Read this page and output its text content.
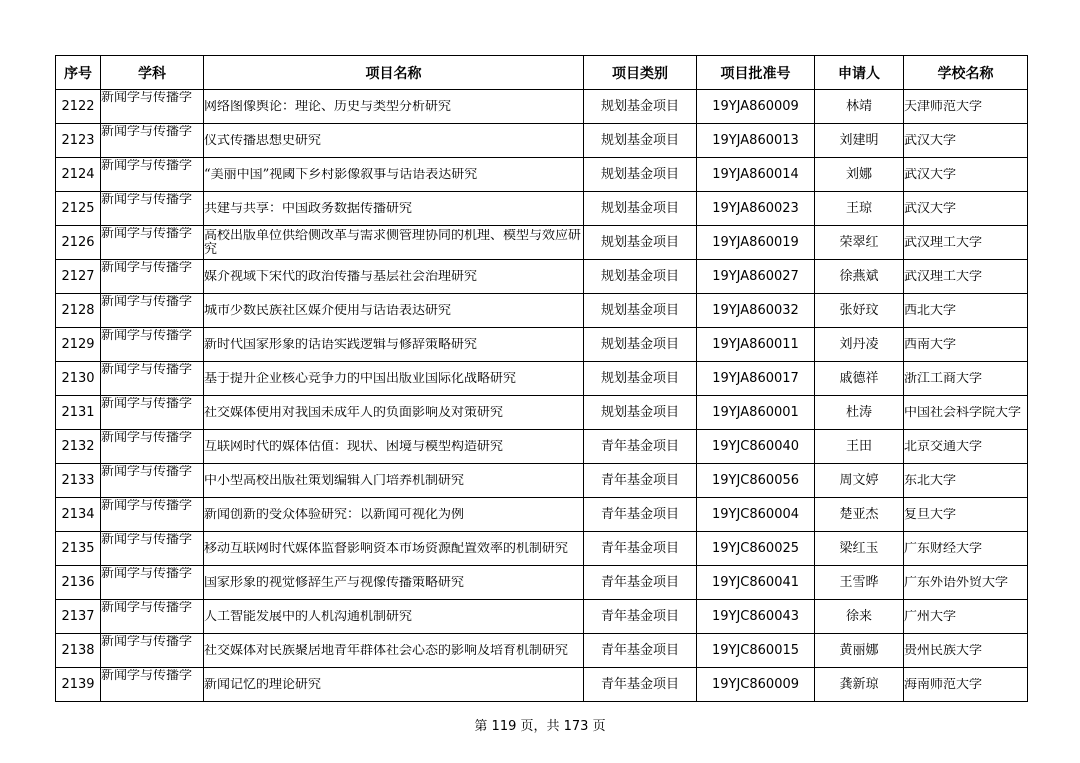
序号	学科	项目名称	项目类别	项目批准号	申请人	学校名称
2122	新闻学与传播学	网络图像舆论：理论、历史与类型分析研究	规划基金项目	19YJA860009	林靖	天津师范大学

2123	新闻学与传播学	仪式传播思想史研究	规划基金项目	19YJA860013	刘建明	武汉大学

2124	新闻学与传播学	“美丽中国”视阈下乡村影像叙事与话语表达研究	规划基金项目	19YJA860014	刘娜	武汉大学

2125	新闻学与传播学	共建与共享：中国政务数据传播研究	规划基金项目	19YJA860023	王琼	武汉大学

2126	新闻学与传播学	高校出版单位供给侧改革与需求侧管理协同的机理、模型与效应研究	规划基金项目	19YJA860019	荣翠红	武汉理工大学

2127	新闻学与传播学	媒介视域下宋代的政治传播与基层社会治理研究	规划基金项目	19YJA860027	徐燕斌	武汉理工大学

2128	新闻学与传播学	城市少数民族社区媒介使用与话语表达研究	规划基金项目	19YJA860032	张妤玟	西北大学

2129	新闻学与传播学	新时代国家形象的话语实践逻辑与修辞策略研究	规划基金项目	19YJA860011	刘丹凌	西南大学

2130	新闻学与传播学	基于提升企业核心竞争力的中国出版业国际化战略研究	规划基金项目	19YJA860017	戚德祥	浙江工商大学

2131	新闻学与传播学	社交媒体使用对我国未成年人的负面影响及对策研究	规划基金项目	19YJA860001	杜涛	中国社会科学院大学

2132	新闻学与传播学	互联网时代的媒体估值：现状、困境与模型构造研究	青年基金项目	19YJC860040	王田	北京交通大学

2133	新闻学与传播学	中小型高校出版社策划编辑入门培养机制研究	青年基金项目	19YJC860056	周文婷	东北大学

2134	新闻学与传播学	新闻创新的受众体验研究：以新闻可视化为例	青年基金项目	19YJC860004	楚亚杰	复旦大学

2135	新闻学与传播学	移动互联网时代媒体监督影响资本市场资源配置效率的机制研究	青年基金项目	19YJC860025	梁红玉	广东财经大学

2136	新闻学与传播学	国家形象的视觉修辞生产与视像传播策略研究	青年基金项目	19YJC860041	王雪晔	广东外语外贸大学

2137	新闻学与传播学	人工智能发展中的人机沟通机制研究	青年基金项目	19YJC860043	徐来	广州大学

2138	新闻学与传播学	社交媒体对民族聚居地青年群体社会心态的影响及培育机制研究	青年基金项目	19YJC860015	黄丽娜	贵州民族大学

2139	新闻学与传播学	新闻记忆的理论研究	青年基金项目	19YJC860009	龚新琼	海南师范大学
第 119 页，共 173 页
